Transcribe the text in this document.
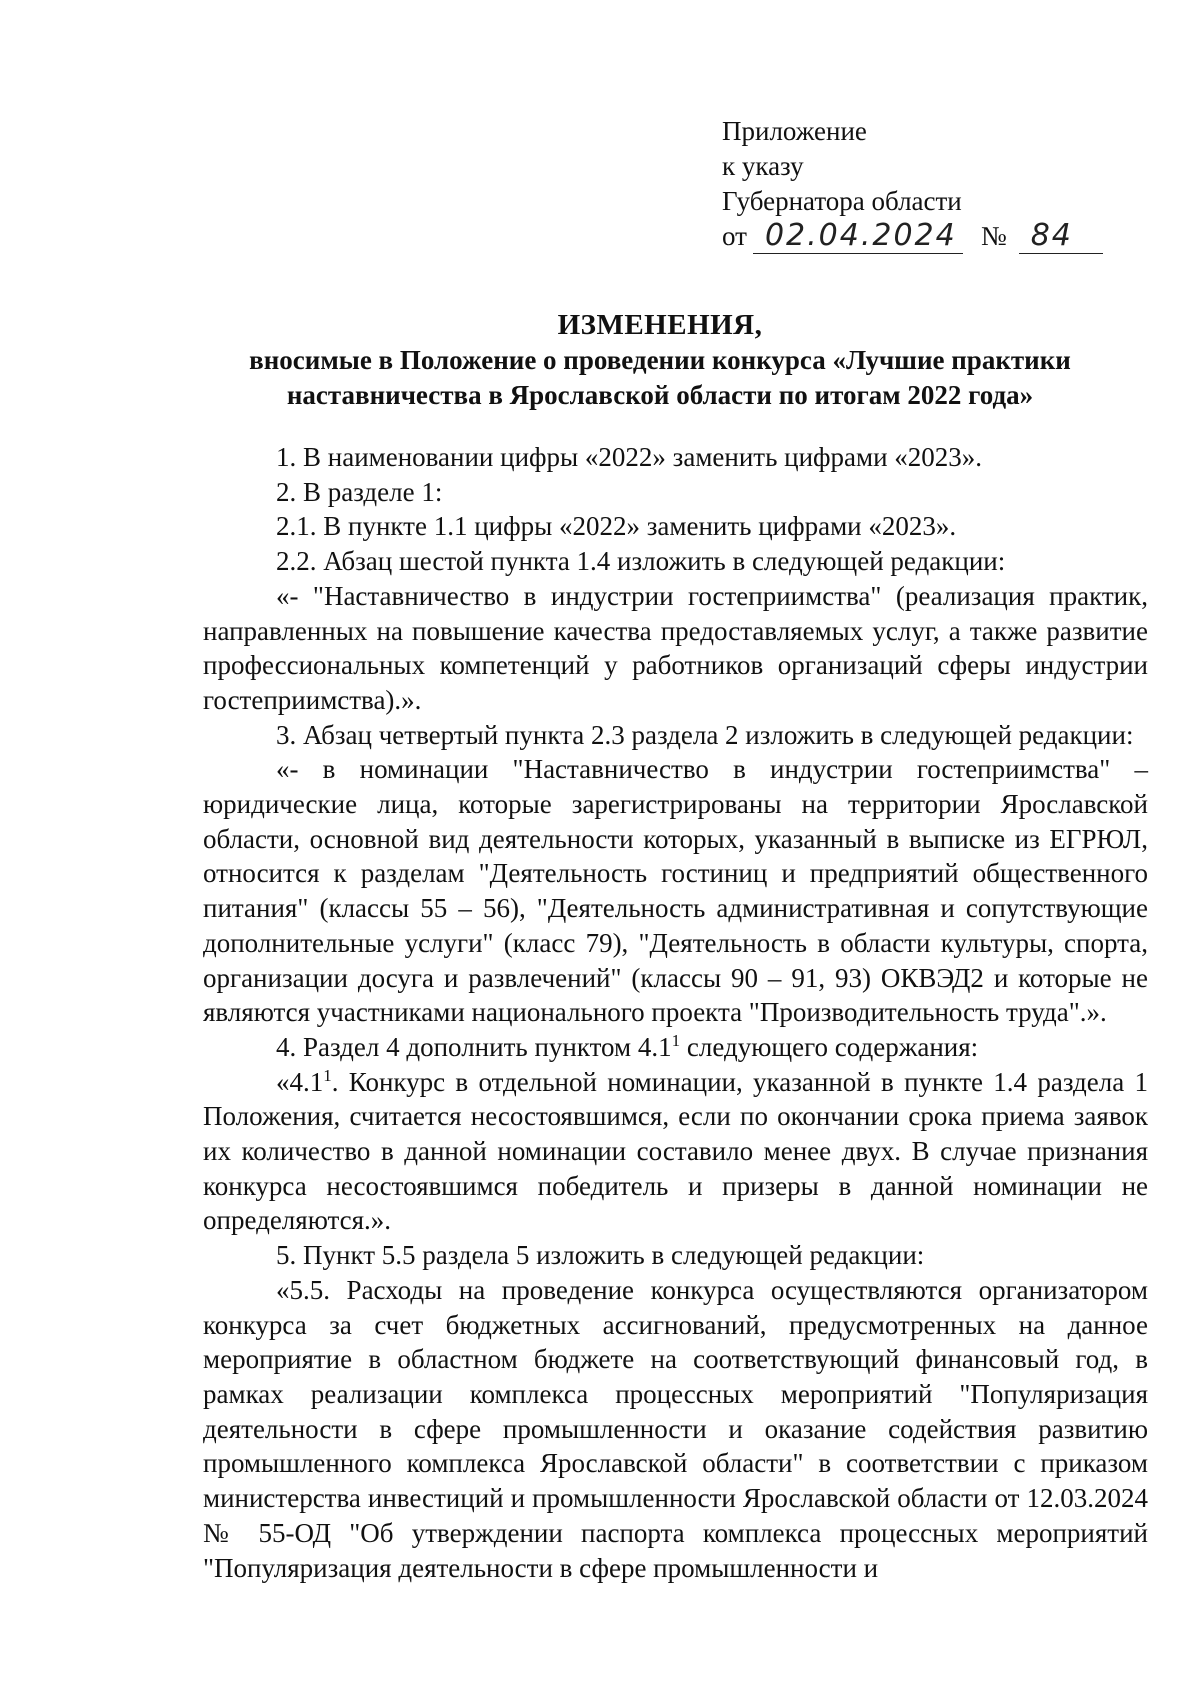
Приложение
к указу
Губернатора области
от 02.04.2024 № 84
ИЗМЕНЕНИЯ,
вносимые в Положение о проведении конкурса «Лучшие практики
наставничества в Ярославской области по итогам 2022 года»

1. В наименовании цифры «2022» заменить цифрами «2023».

2. В разделе 1:

2.1. В пункте 1.1 цифры «2022» заменить цифрами «2023».

2.2. Абзац шестой пункта 1.4 изложить в следующей редакции:

«- "Наставничество в индустрии гостеприимства" (реализация практик, направленных на повышение качества предоставляемых услуг, а также развитие профессиональных компетенций у работников организаций сферы индустрии гостеприимства).».

3. Абзац четвертый пункта 2.3 раздела 2 изложить в следующей редакции:

«- в номинации "Наставничество в индустрии гостеприимства" – юридические лица, которые зарегистрированы на территории Ярославской области, основной вид деятельности которых, указанный в выписке из ЕГРЮЛ, относится к разделам "Деятельность гостиниц и предприятий общественного питания" (классы 55 – 56), "Деятельность административная и сопутствующие дополнительные услуги" (класс 79), "Деятельность в области культуры, спорта, организации досуга и развлечений" (классы 90 – 91, 93) ОКВЭД2 и которые не являются участниками национального проекта "Производительность труда".».

4. Раздел 4 дополнить пунктом $4.1^1$ следующего содержания:

«$4.1^1$. Конкурс в отдельной номинации, указанной в пункте 1.4 раздела 1 Положения, считается несостоявшимся, если по окончании срока приема заявок их количество в данной номинации составило менее двух. В случае признания конкурса несостоявшимся победитель и призеры в данной номинации не определяются.».

5. Пункт 5.5 раздела 5 изложить в следующей редакции:

«5.5. Расходы на проведение конкурса осуществляются организатором конкурса за счет бюджетных ассигнований, предусмотренных на данное мероприятие в областном бюджете на соответствующий финансовый год, в рамках реализации комплекса процессных мероприятий "Популяризация деятельности в сфере промышленности и оказание содействия развитию промышленного комплекса Ярославской области" в соответствии с приказом министерства инвестиций и промышленности Ярославской области от 12.03.2024 № 55-ОД "Об утверждении паспорта комплекса процессных мероприятий "Популяризация деятельности в сфере промышленности и
